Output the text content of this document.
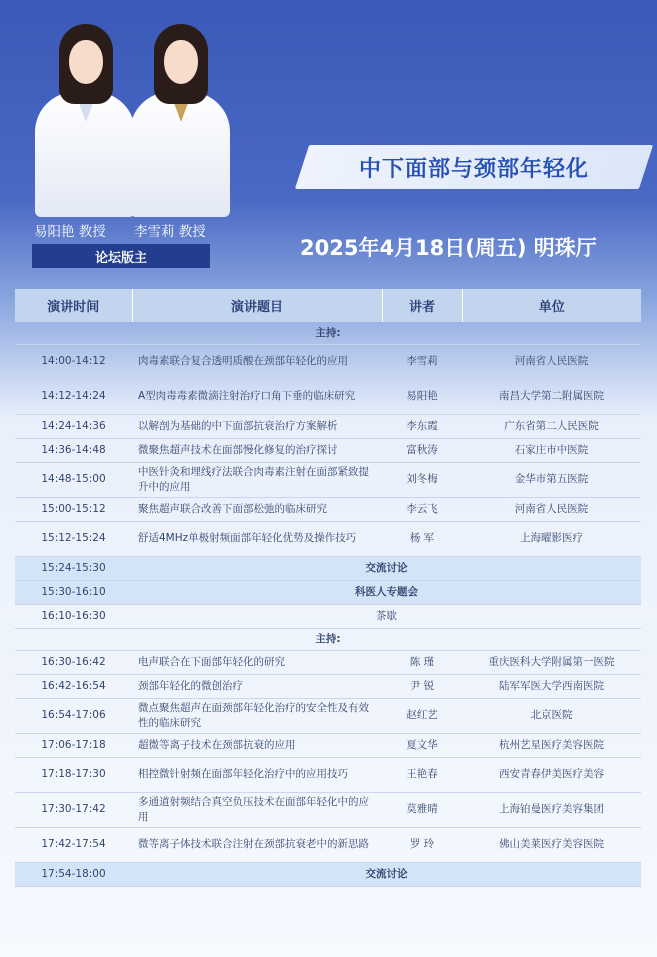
易阳艳 教授 李雪莉 教授
论坛版主
中下面部与颈部年轻化
2025年4月18日(周五) 明珠厅
演讲时间	演讲题目	讲者	单位
主持:			
14:00-14:12	肉毒素联合复合透明质酸在颈部年轻化的应用	李雪莉	河南省人民医院
14:12-14:24	A型肉毒毒素微滴注射治疗口角下垂的临床研究	易阳艳	南昌大学第二附属医院
14:24-14:36	以解剖为基础的中下面部抗衰治疗方案解析	李东霞	广东省第二人民医院
14:36-14:48	微聚焦超声技术在面部慢化修复的治疗探讨	富秋涛	石家庄市中医院
14:48-15:00	中医针灸和埋线疗法联合肉毒素注射在面部紧致提升中的应用	刘冬梅	金华市第五医院
15:00-15:12	聚焦超声联合改善下面部松弛的临床研究	李云飞	河南省人民医院
15:12-15:24	舒适4MHz单极射频面部年轻化优势及操作技巧	杨 军	上海曜影医疗
15:24-15:30	交流讨论		
15:30-16:10	科医人专题会		
16:10-16:30	茶歇		
主持:			
16:30-16:42	电声联合在下面部年轻化的研究	陈 瑾	重庆医科大学附属第一医院
16:42-16:54	颈部年轻化的微创治疗	尹 锐	陆军军医大学西南医院
16:54-17:06	微点聚焦超声在面颈部年轻化治疗的安全性及有效性的临床研究	赵红艺	北京医院
17:06-17:18	超微等离子技术在颈部抗衰的应用	夏文华	杭州艺星医疗美容医院
17:18-17:30	相控微针射频在面部年轻化治疗中的应用技巧	王艳春	西安青春伊美医疗美容
17:30-17:42	多通道射频结合真空负压技术在面部年轻化中的应用	莫雅晴	上海铂曼医疗美容集团
17:42-17:54	微等离子体技术联合注射在颈部抗衰老中的新思路	罗 玲	佛山美莱医疗美容医院
17:54-18:00	交流讨论		
